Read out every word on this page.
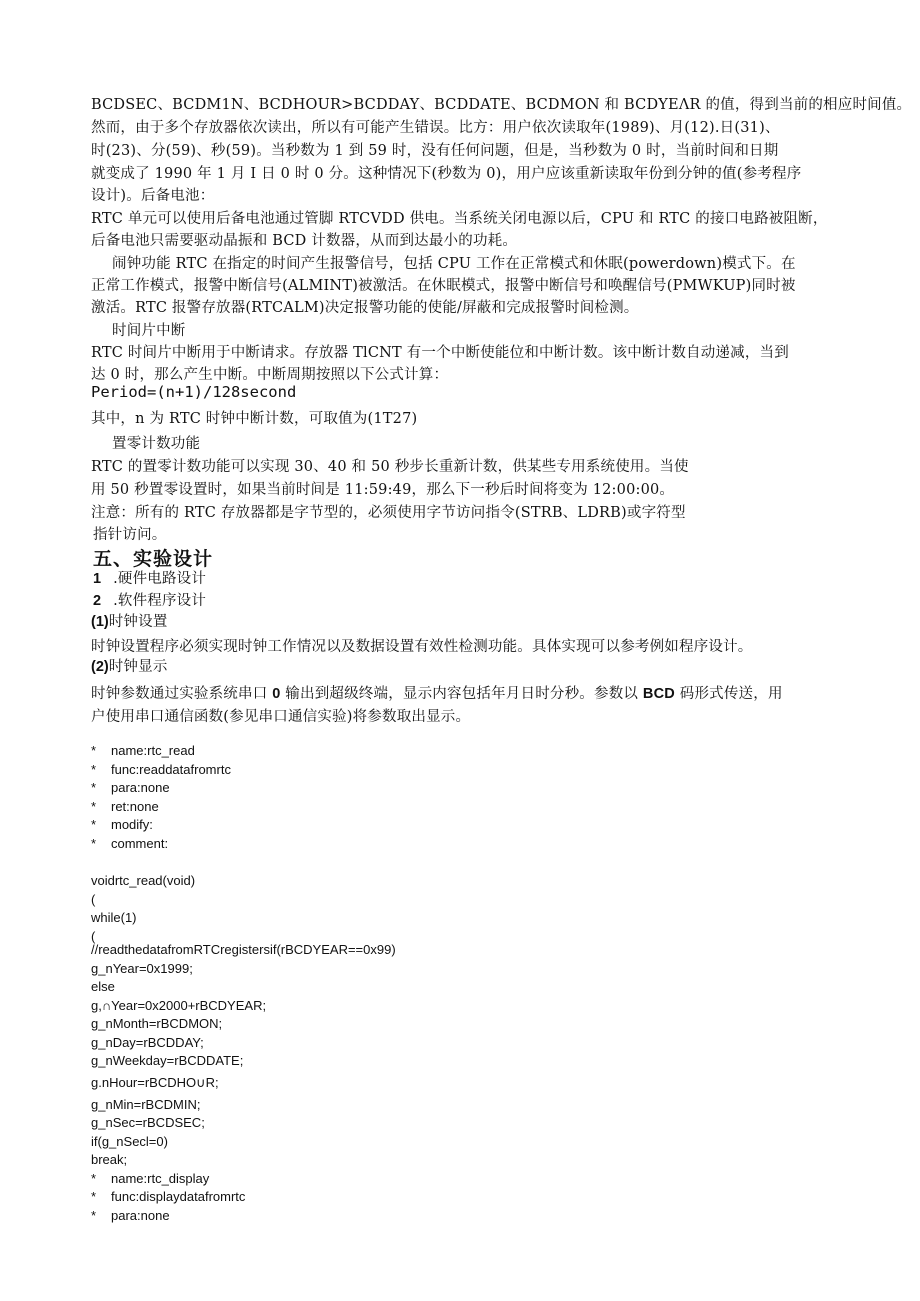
BCDSEC、BCDM1N、BCDHOUR>BCDDAY、BCDDATE、BCDMON 和 BCDYEΛR 的值，得到当前的相应时间值。
然而，由于多个存放器依次读出，所以有可能产生错误。比方：用户依次读取年(1989)、月(12).日(31)、
时(23)、分(59)、秒(59)。当秒数为 1 到 59 时，没有任何问题，但是，当秒数为 0 时，当前时间和日期
就变成了 1990 年 1 月 I 日 0 时 0 分。这种情况下(秒数为 0)，用户应该重新读取年份到分钟的值(参考程序
设计)。后备电池：
RTC 单元可以使用后备电池通过管脚 RTCVDD 供电。当系统关闭电源以后，CPU 和 RTC 的接口电路被阻断，
后备电池只需要驱动晶振和 BCD 计数器，从而到达最小的功耗。
闹钟功能 RTC 在指定的时间产生报警信号，包括 CPU 工作在正常模式和休眠(powerdown)模式下。在
正常工作模式，报警中断信号(ALMINT)被激活。在休眠模式，报警中断信号和唤醒信号(PMWKUP)同时被
激活。RTC 报警存放器(RTCALM)决定报警功能的使能/屏蔽和完成报警时间检测。
时间片中断
RTC 时间片中断用于中断请求。存放器 TlCNT 有一个中断使能位和中断计数。该中断计数自动递减，当到
达 0 时，那么产生中断。中断周期按照以下公式计算：
Period=(n+1)/128second
其中，n 为 RTC 时钟中断计数，可取值为(1T27)
置零计数功能
RTC 的置零计数功能可以实现 30、40 和 50 秒步长重新计数，供某些专用系统使用。当使
用 50 秒置零设置时，如果当前时间是 11:59:49，那么下一秒后时间将变为 12:00:00。
注意：所有的 RTC 存放器都是字节型的，必须使用字节访问指令(STRB、LDRB)或字符型
指针访问。
五、实验设计
1 .硬件电路设计
2 .软件程序设计
(1)时钟设置
时钟设置程序必须实现时钟工作情况以及数据设置有效性检测功能。具体实现可以参考例如程序设计。
(2)时钟显示
时钟参数通过实验系统串口 0 输出到超级终端，显示内容包括年月日时分秒。参数以 BCD 码形式传送，用
户使用串口通信函数(参见串口通信实验)将参数取出显示。
* name:rtc_read
* func:readdatafromrtc
* para:none
* ret:none
* modify:
* comment:
voidrtc_read(void)
(
while(1)
(
//readthedatafromRTCregistersif(rBCDYEAR==0x99)
g_nYear=0x1999;
else
g,∩Year=0x2000+rBCDYEAR;
g_nMonth=rBCDMON;
g_nDay=rBCDDAY;
g_nWeekday=rBCDDATE;
g.nHour=rBCDHO∪R;
g_nMin=rBCDMIN;
g_nSec=rBCDSEC;
if(g_nSecl=0)
break;
* name:rtc_display
* func:displaydatafromrtc
* para:none
